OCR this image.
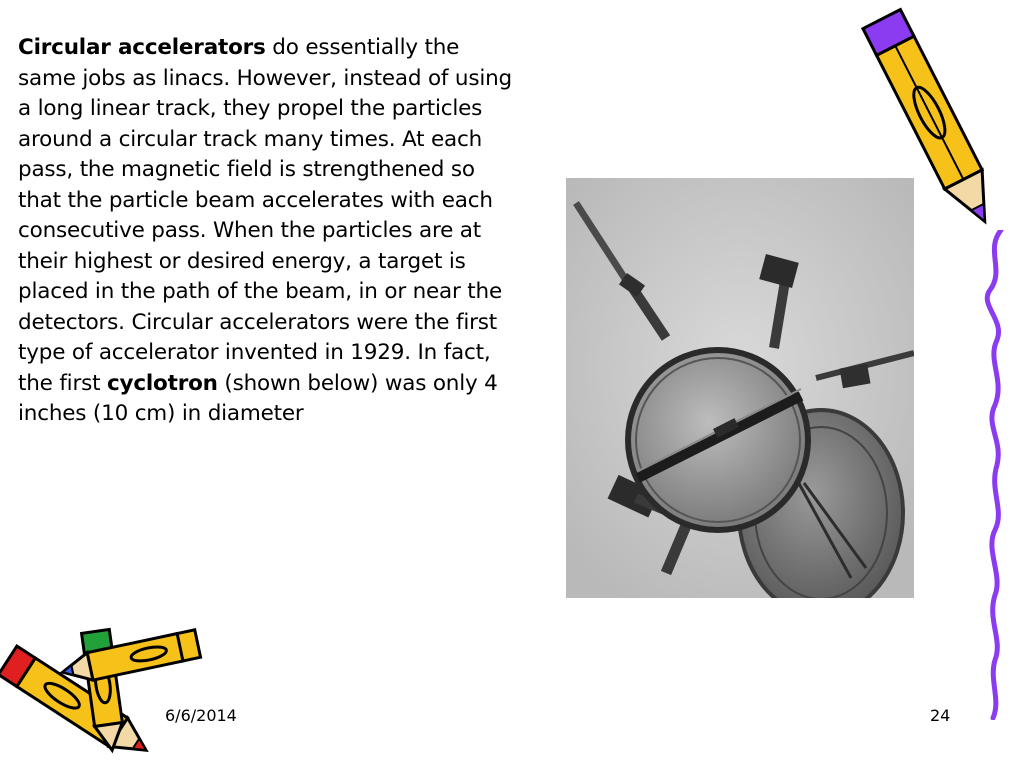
Circular accelerators do essentially the same jobs as linacs. However, instead of using a long linear track, they propel the particles around a circular track many times. At each pass, the magnetic field is strengthened so that the particle beam accelerates with each consecutive pass. When the particles are at their highest or desired energy, a target is placed in the path of the beam, in or near the detectors. Circular accelerators were the first type of accelerator invented in 1929. In fact, the first cyclotron (shown below) was only 4 inches (10 cm) in diameter

6/6/2014	24
